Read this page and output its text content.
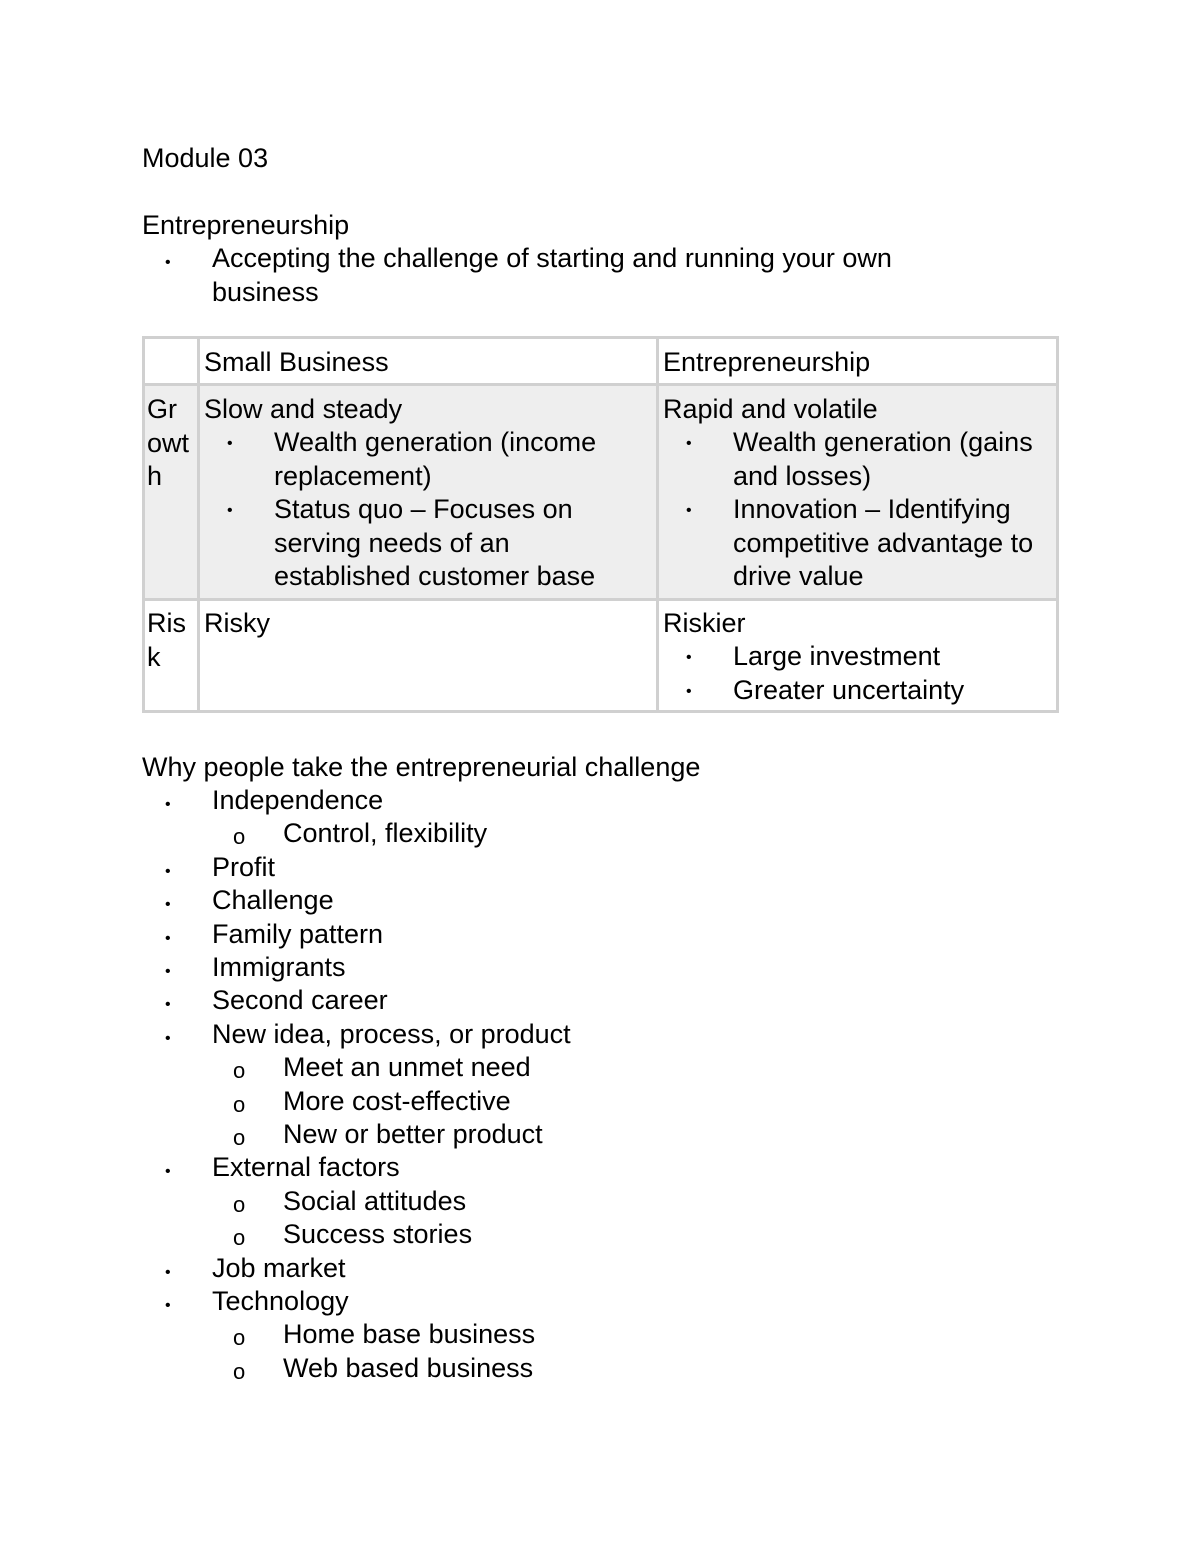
Module 03
Entrepreneurship
• Accepting the challenge of starting and running your own
business
Small Business	Entrepreneurship
Gr
owt
h
Slow and steady
• Wealth generation (income
replacement)
• Status quo – Focuses on
serving needs of an
established customer base
Rapid and volatile
• Wealth generation (gains
and losses)
• Innovation – Identifying
competitive advantage to
drive value
Ris
k
Risky	Riskier
• Large investment
• Greater uncertainty
Why people take the entrepreneurial challenge
• Independence
o Control, flexibility
• Profit
• Challenge
• Family pattern
• Immigrants
• Second career
• New idea, process, or product
o Meet an unmet need
o More cost-effective
o New or better product
• External factors
o Social attitudes
o Success stories
• Job market
• Technology
o Home base business
o Web based business
